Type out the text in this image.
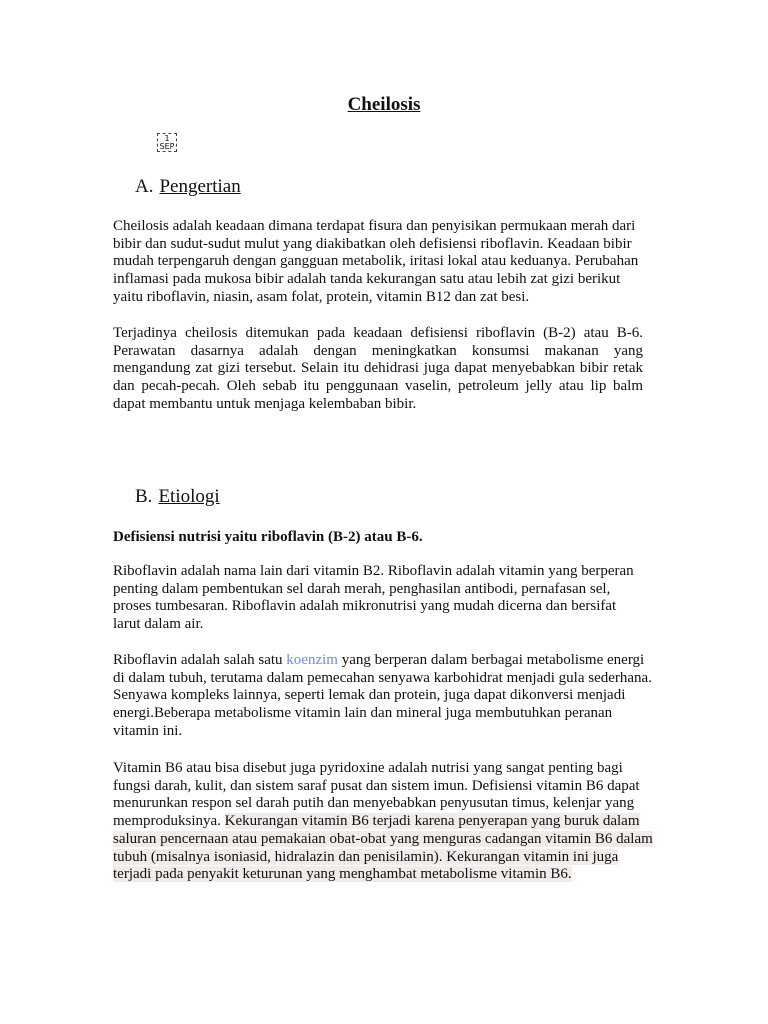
Cheilosis
1
SEP
A. Pengertian

Cheilosis adalah keadaan dimana terdapat fisura dan penyisikan permukaan merah dari
bibir dan sudut-sudut mulut yang diakibatkan oleh defisiensi riboflavin. Keadaan bibir
mudah terpengaruh dengan gangguan metabolik, iritasi lokal atau keduanya. Perubahan
inflamasi pada mukosa bibir adalah tanda kekurangan satu atau lebih zat gizi berikut
yaitu riboflavin, niasin, asam folat, protein, vitamin B12 dan zat besi.

Terjadinya cheilosis ditemukan pada keadaan defisiensi riboflavin (B-2) atau B-6.
Perawatan dasarnya adalah dengan meningkatkan konsumsi makanan yang
mengandung zat gizi tersebut. Selain itu dehidrasi juga dapat menyebabkan bibir retak
dan pecah-pecah. Oleh sebab itu penggunaan vaselin, petroleum jelly atau lip balm
dapat membantu untuk menjaga kelembaban bibir.

B. Etiologi

Defisiensi nutrisi yaitu riboflavin (B-2) atau B-6.

Riboflavin adalah nama lain dari vitamin B2. Riboflavin adalah vitamin yang berperan
penting dalam pembentukan sel darah merah, penghasilan antibodi, pernafasan sel,
proses tumbesaran. Riboflavin adalah mikronutrisi yang mudah dicerna dan bersifat
larut dalam air.

Riboflavin adalah salah satu koenzim yang berperan dalam berbagai metabolisme energi
di dalam tubuh, terutama dalam pemecahan senyawa karbohidrat menjadi gula sederhana.
Senyawa kompleks lainnya, seperti lemak dan protein, juga dapat dikonversi menjadi
energi.Beberapa metabolisme vitamin lain dan mineral juga membutuhkan peranan
vitamin ini.

Vitamin B6 atau bisa disebut juga pyridoxine adalah nutrisi yang sangat penting bagi
fungsi darah, kulit, dan sistem saraf pusat dan sistem imun. Defisiensi vitamin B6 dapat
menurunkan respon sel darah putih dan menyebabkan penyusutan timus, kelenjar yang
memproduksinya. Kekurangan vitamin B6 terjadi karena penyerapan yang buruk dalam
saluran pencernaan atau pemakaian obat-obat yang menguras cadangan vitamin B6 dalam
tubuh (misalnya isoniasid, hidralazin dan penisilamin). Kekurangan vitamin ini juga
terjadi pada penyakit keturunan yang menghambat metabolisme vitamin B6.
